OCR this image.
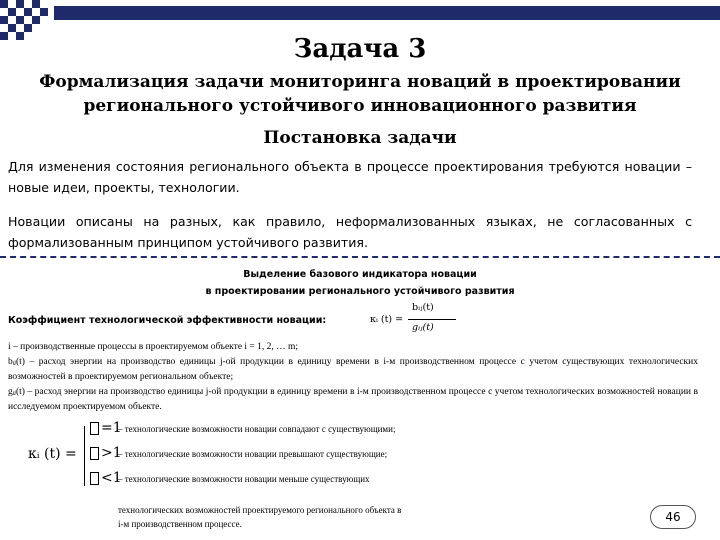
Задача 3
Формализация задачи мониторинга новаций в проектировании
регионального устойчивого инновационного развития
Постановка задачи
Для изменения состояния регионального объекта в процессе проектирования требуются новации – новые идеи, проекты, технологии.
Новации описаны на разных, как правило, неформализованных языках, не согласованных с формализованным принципом устойчивого развития.
Выделение базового индикатора новации
в проектировании регионального устойчивого развития
Коэффициент технологической эффективности новации:	κᵢ (t) =
bᵢⱼ(t)
gᵢⱼ(t)

i – производственные процессы в проектируемом объекте i = 1, 2, … m;

bᵢⱼ(t) – расход энергии на производство единицы j-ой продукции в единицу времени в i-м производственном процессе с учетом существующих технологических возможностей в проектируемом региональном объекте;

gᵢⱼ(t) – расход энергии на производство единицы j-ой продукции в единицу времени в i-м производственном процессе с учетом технологических возможностей новации в исследуемом проектируемом объекте.

κᵢ (t) =
=1
>1
<1
– технологические возможности новации совпадают с существующими;
– технологические возможности новации превышают существующие;
– технологические возможности новации меньше существующих
технологических возможностей проектируемого регионального объекта в
i-м производственном процессе.	46
